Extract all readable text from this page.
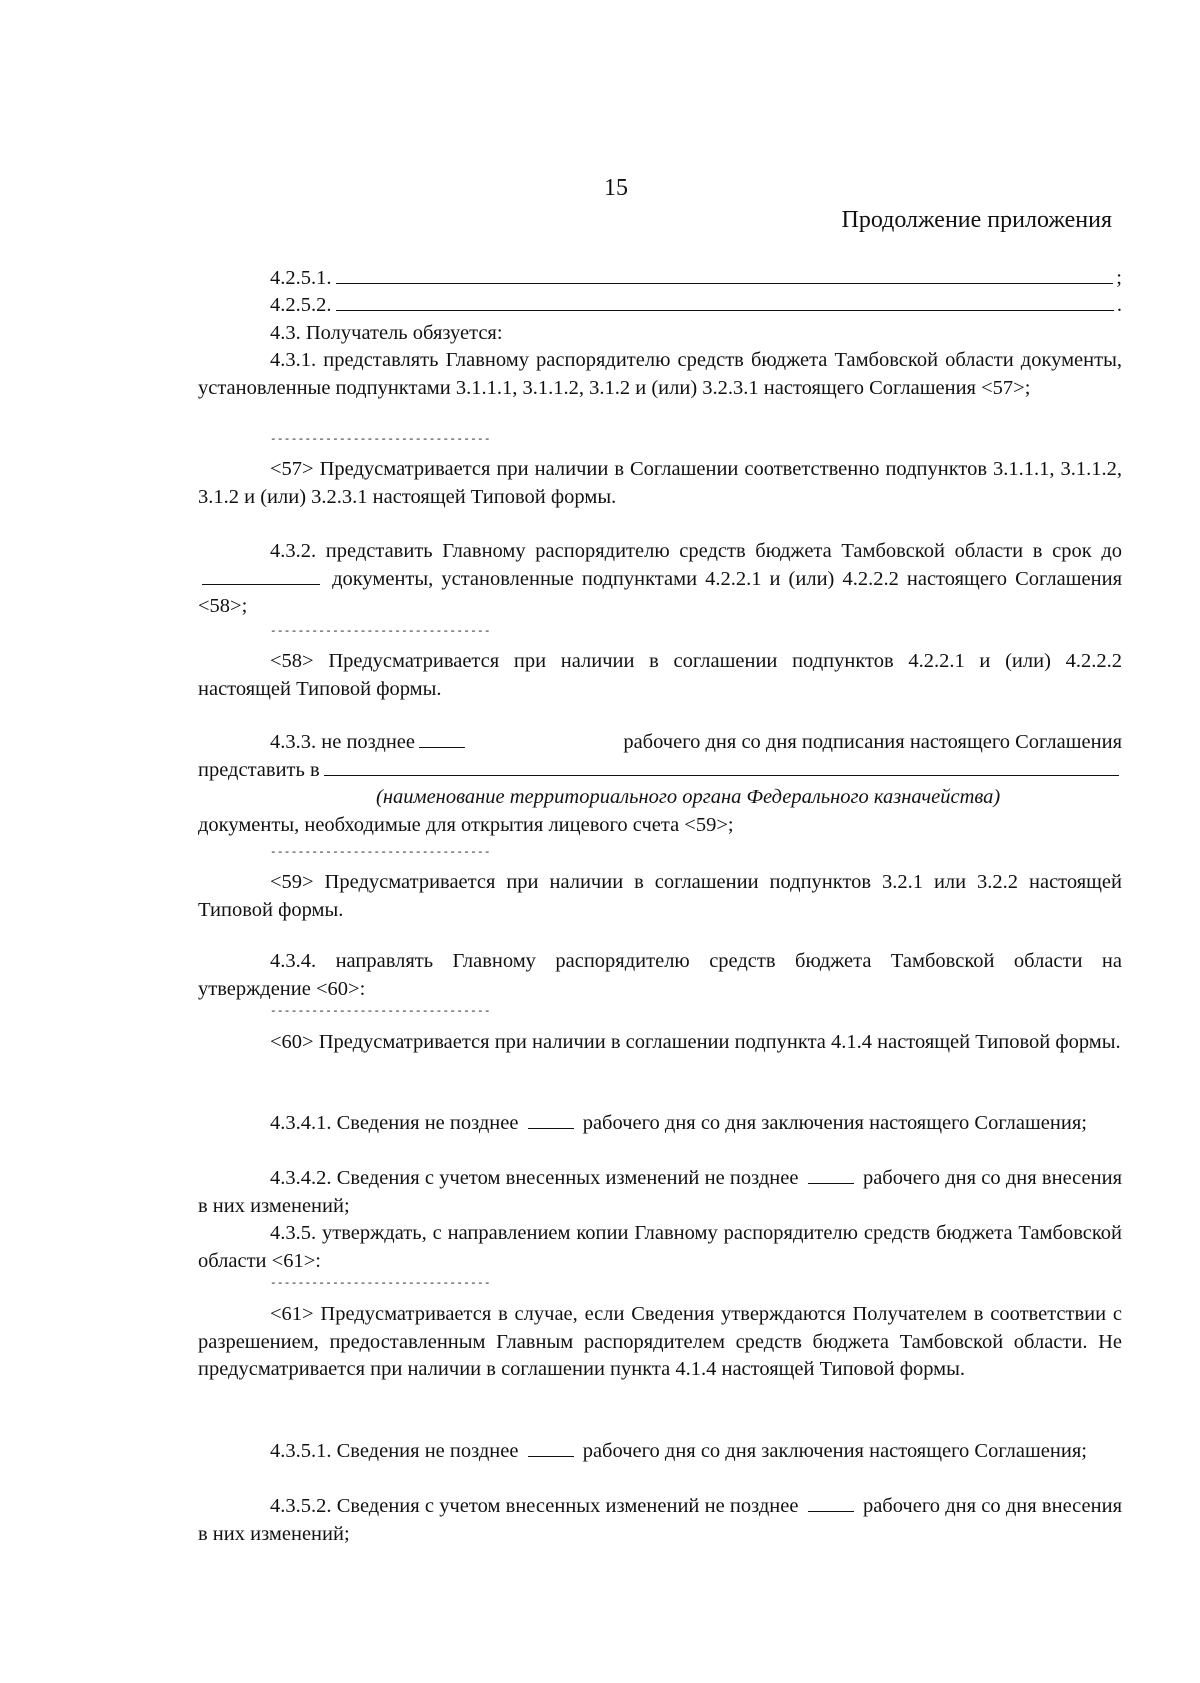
15
Продолжение приложения
4.2.5.1.	;
4.2.5.2.	.

4.3. Получатель обязуется:

4.3.1. представлять Главному распорядителю средств бюджета Тамбовской области документы, установленные подпунктами 3.1.1.1, 3.1.1.2, 3.1.2 и (или) 3.2.3.1 настоящего Соглашения <57>;

--------------------------------

<57> Предусматривается при наличии в Соглашении соответственно подпунктов 3.1.1.1, 3.1.1.2, 3.1.2 и (или) 3.2.3.1 настоящей Типовой формы.

4.3.2. представить Главному распорядителю средств бюджета Тамбовской области в срок до  документы, установленные подпунктами 4.2.2.1 и (или) 4.2.2.2 настоящего Соглашения <58>;

--------------------------------

<58> Предусматривается при наличии в соглашении подпунктов 4.2.2.1 и (или) 4.2.2.2 настоящей Типовой формы.

4.3.3. не позднее	рабочего дня со дня подписания настоящего Соглашения
представить в
(наименование территориального органа Федерального казначейства)

документы, необходимые для открытия лицевого счета <59>;

--------------------------------

<59> Предусматривается при наличии в соглашении подпунктов 3.2.1 или 3.2.2 настоящей Типовой формы.

4.3.4. направлять Главному распорядителю средств бюджета Тамбовской области на утверждение <60>:

--------------------------------

<60> Предусматривается при наличии в соглашении подпункта 4.1.4 настоящей Типовой формы.

4.3.4.1. Сведения не позднее	рабочего дня со дня заключения настоящего Соглашения;

4.3.4.2. Сведения с учетом внесенных изменений не позднее	рабочего дня со дня внесения в них изменений;

4.3.5. утверждать, с направлением копии Главному распорядителю средств бюджета Тамбовской области <61>:

--------------------------------

<61> Предусматривается в случае, если Сведения утверждаются Получателем в соответствии с разрешением, предоставленным Главным распорядителем средств бюджета Тамбовской области. Не предусматривается при наличии в соглашении пункта 4.1.4 настоящей Типовой формы.

4.3.5.1. Сведения не позднее	рабочего дня со дня заключения настоящего Соглашения;

4.3.5.2. Сведения с учетом внесенных изменений не позднее	рабочего дня со дня внесения в них изменений;
